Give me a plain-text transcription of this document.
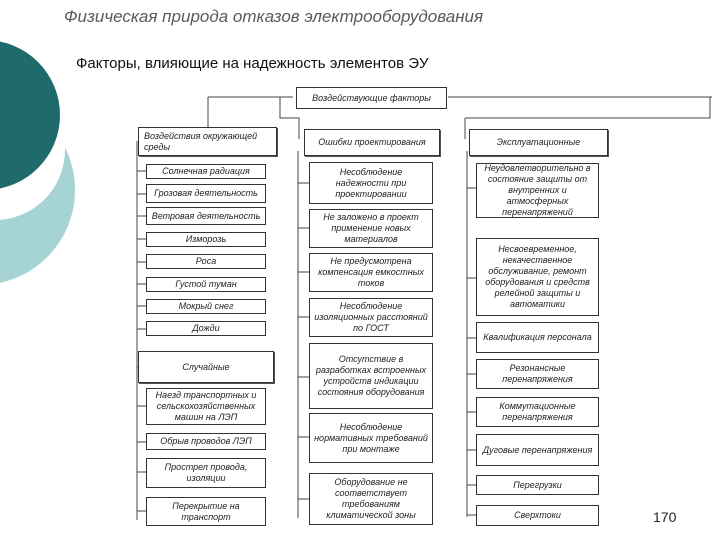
Физическая природа отказов электрооборудования
Факторы, влияющие на надежность элементов ЭУ
Воздействующие факторы
Воздействия окружающей среды	Ошибки проектирования	Эксплуатационные
Случайные
Солнечная радиация
Грозовая деятельность
Ветровая деятельность
Изморозь
Роса
Густой туман
Мокрый снег
Дожди
Наезд транспортных и сельскохозяйственных машин на ЛЭП
Обрыв проводов ЛЭП
Прострел провода, изоляции
Перекрытие на транспорт
Несоблюдение надежности при проектировании
Не заложено в проект применение новых материалов
Не предусмотрена компенсация емкостных токов
Несоблюдение изоляционных расстояний по ГОСТ
Отсутствие в разработках встроенных устройств индикации состояния оборудования
Несоблюдение нормативных требований при монтаже
Оборудование не соответствует требованиям климатической зоны
Неудовлетворительно в состояние защиты от внутренних и атмосферных перенапряжений
Несвоевременное, некачественное обслуживание, ремонт оборудования и средств релейной защиты и автоматики
Квалификация персонала
Резонансные перенапряжения
Коммутационные перенапряжения
Дуговые перенапряжения
Перегрузки
Сверхтоки	170
